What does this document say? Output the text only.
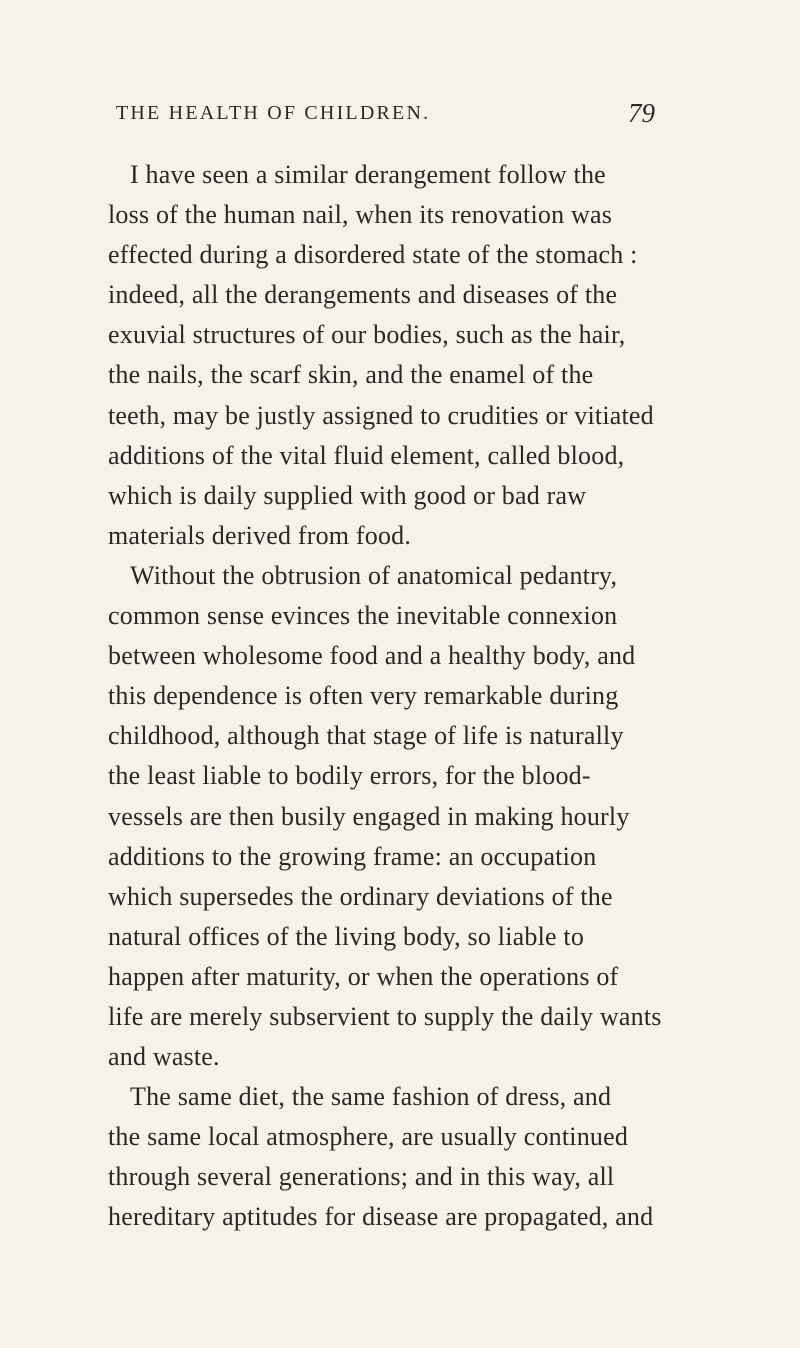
THE HEALTH OF CHILDREN.	79
I have seen a similar derangement follow the
loss of the human nail, when its renovation was
effected during a disordered state of the stomach :
indeed, all the derangements and diseases of the
exuvial structures of our bodies, such as the hair,
the nails, the scarf skin, and the enamel of the
teeth, may be justly assigned to crudities or vitiated
additions of the vital fluid element, called blood,
which is daily supplied with good or bad raw
materials derived from food.
Without the obtrusion of anatomical pedantry,
common sense evinces the inevitable connexion
between wholesome food and a healthy body, and
this dependence is often very remarkable during
childhood, although that stage of life is naturally
the least liable to bodily errors, for the blood-
vessels are then busily engaged in making hourly
additions to the growing frame: an occupation
which supersedes the ordinary deviations of the
natural offices of the living body, so liable to
happen after maturity, or when the operations of
life are merely subservient to supply the daily wants
and waste.
The same diet, the same fashion of dress, and
the same local atmosphere, are usually continued
through several generations; and in this way, all
hereditary aptitudes for disease are propagated, and
